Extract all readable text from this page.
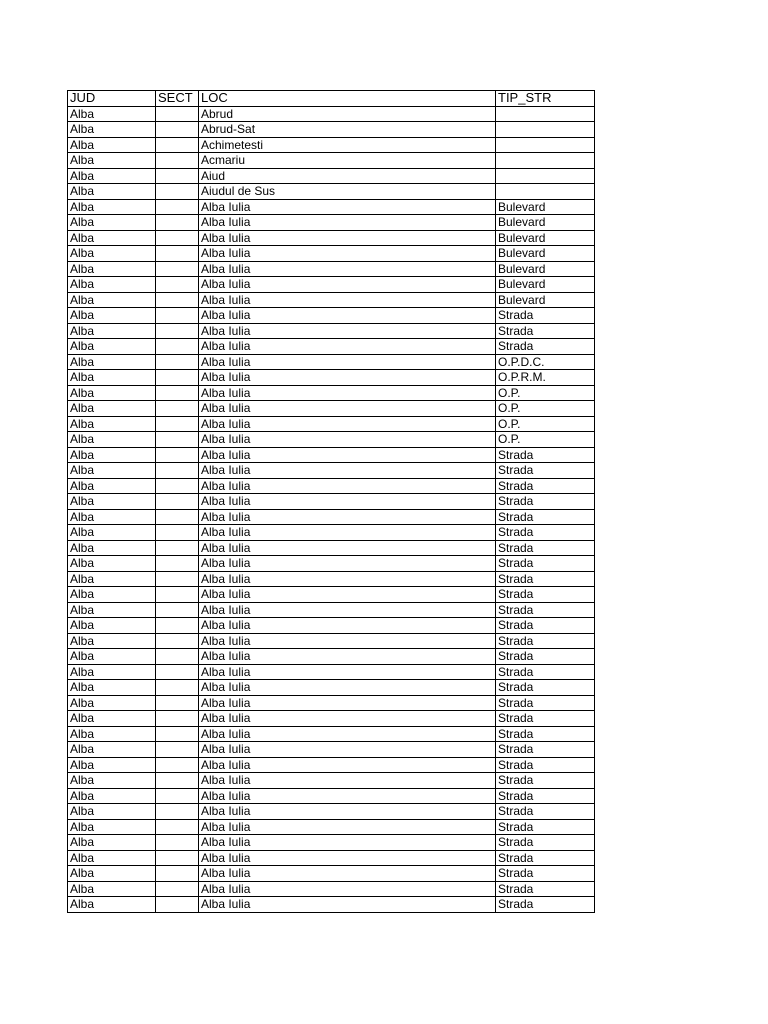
JUD	SECT	LOC	TIP_STR
Alba		Abrud	
Alba		Abrud-Sat	
Alba		Achimetesti	
Alba		Acmariu	
Alba		Aiud	
Alba		Aiudul de Sus	
Alba		Alba Iulia	Bulevard
Alba		Alba Iulia	Bulevard
Alba		Alba Iulia	Bulevard
Alba		Alba Iulia	Bulevard
Alba		Alba Iulia	Bulevard
Alba		Alba Iulia	Bulevard
Alba		Alba Iulia	Bulevard
Alba		Alba Iulia	Strada
Alba		Alba Iulia	Strada
Alba		Alba Iulia	Strada
Alba		Alba Iulia	O.P.D.C.
Alba		Alba Iulia	O.P.R.M.
Alba		Alba Iulia	O.P.
Alba		Alba Iulia	O.P.
Alba		Alba Iulia	O.P.
Alba		Alba Iulia	O.P.
Alba		Alba Iulia	Strada
Alba		Alba Iulia	Strada
Alba		Alba Iulia	Strada
Alba		Alba Iulia	Strada
Alba		Alba Iulia	Strada
Alba		Alba Iulia	Strada
Alba		Alba Iulia	Strada
Alba		Alba Iulia	Strada
Alba		Alba Iulia	Strada
Alba		Alba Iulia	Strada
Alba		Alba Iulia	Strada
Alba		Alba Iulia	Strada
Alba		Alba Iulia	Strada
Alba		Alba Iulia	Strada
Alba		Alba Iulia	Strada
Alba		Alba Iulia	Strada
Alba		Alba Iulia	Strada
Alba		Alba Iulia	Strada
Alba		Alba Iulia	Strada
Alba		Alba Iulia	Strada
Alba		Alba Iulia	Strada
Alba		Alba Iulia	Strada
Alba		Alba Iulia	Strada
Alba		Alba Iulia	Strada
Alba		Alba Iulia	Strada
Alba		Alba Iulia	Strada
Alba		Alba Iulia	Strada
Alba		Alba Iulia	Strada
Alba		Alba Iulia	Strada
Alba		Alba Iulia	Strada
